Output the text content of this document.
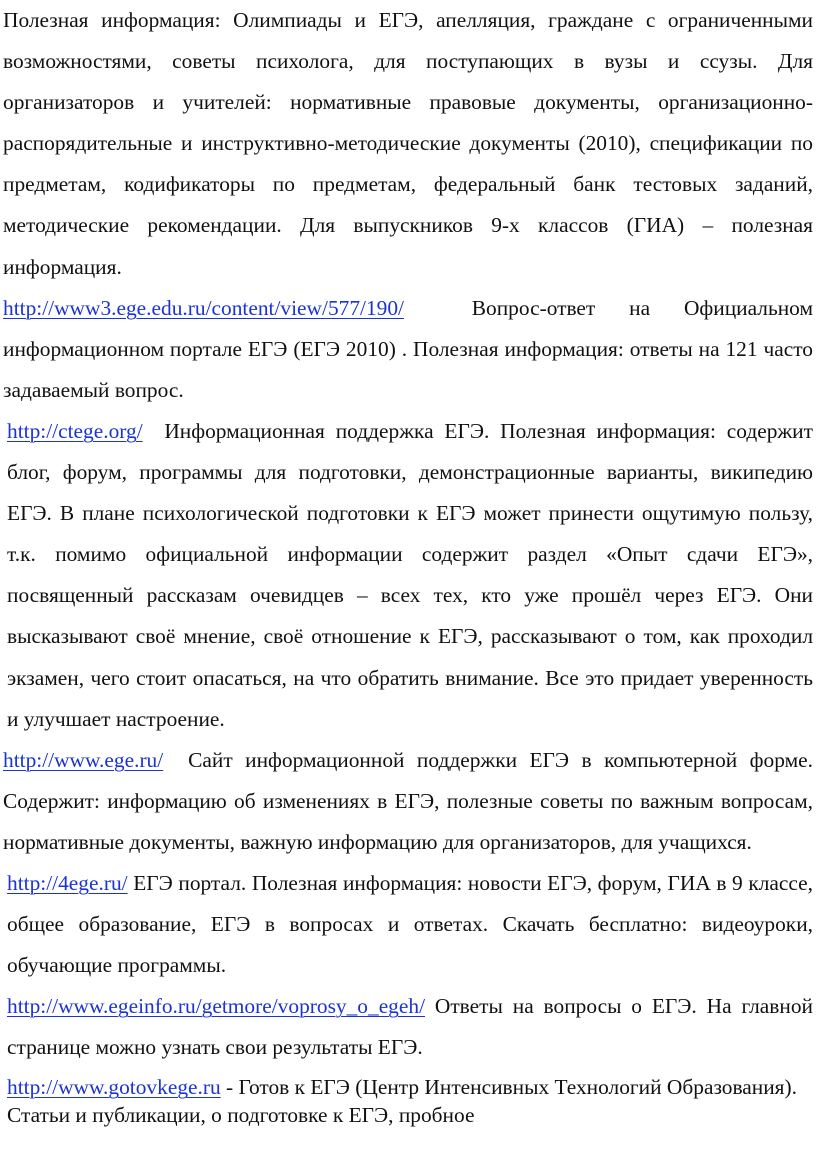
Полезная информация: Олимпиады и ЕГЭ, апелляция, граждане с ограниченными возможностями, советы психолога, для поступающих в вузы и ссузы. Для организаторов и учителей: нормативные правовые документы, организационно-распорядительные и инструктивно-методические документы (2010), спецификации по предметам, кодификаторы по предметам, федеральный банк тестовых заданий, методические рекомендации. Для выпускников 9-х классов (ГИА) – полезная информация.

http://www3.ege.edu.ru/content/view/577/190/	Вопрос-ответ на Официальном информационном портале ЕГЭ (ЕГЭ 2010) . Полезная информация: ответы на 121 часто задаваемый вопрос.

http://ctege.org/ Информационная поддержка ЕГЭ. Полезная информация: содержит блог, форум, программы для подготовки, демонстрационные варианты, википедию ЕГЭ. В плане психологической подготовки к ЕГЭ может принести ощутимую пользу, т.к. помимо официальной информации содержит раздел «Опыт сдачи ЕГЭ», посвященный рассказам очевидцев – всех тех, кто уже прошёл через ЕГЭ. Они высказывают своё мнение, своё отношение к ЕГЭ, рассказывают о том, как проходил экзамен, чего стоит опасаться, на что обратить внимание. Все это придает уверенность и улучшает настроение.

http://www.ege.ru/ Сайт информационной поддержки ЕГЭ в компьютерной форме. Содержит: информацию об изменениях в ЕГЭ, полезные советы по важным вопросам, нормативные документы, важную информацию для организаторов, для учащихся.

http://4ege.ru/ ЕГЭ портал. Полезная информация: новости ЕГЭ, форум, ГИА в 9 классе, общее образование, ЕГЭ в вопросах и ответах. Скачать бесплатно: видеоуроки, обучающие программы.

http://www.egeinfo.ru/getmore/voprosy_o_egeh/ Ответы на вопросы о ЕГЭ. На главной странице можно узнать свои результаты ЕГЭ.

http://www.gotovkege.ru - Готов к ЕГЭ (Центр Интенсивных Технологий Образования). Статьи и публикации, о подготовке к ЕГЭ, пробное
